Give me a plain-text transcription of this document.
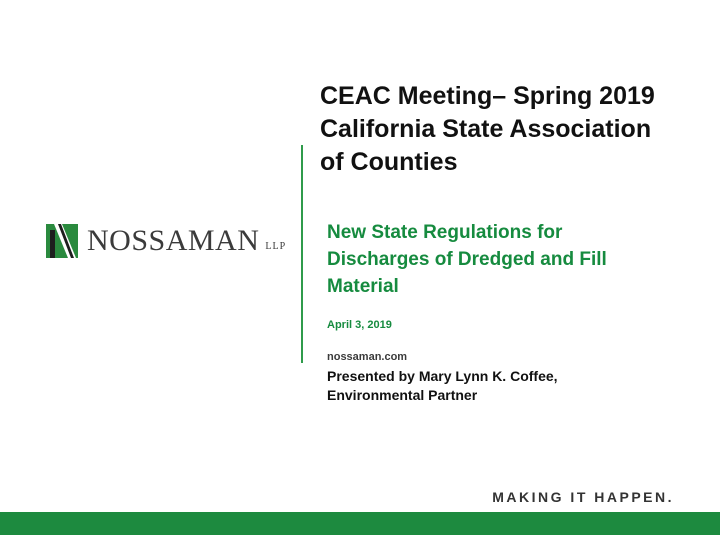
NOSSAMAN LLP
CEAC Meeting– Spring 2019
California State Association
of Counties
New State Regulations for
Discharges of Dredged and Fill
Material
April 3, 2019
nossaman.com
Presented by Mary Lynn K. Coffee,
Environmental Partner
MAKING IT HAPPEN.
